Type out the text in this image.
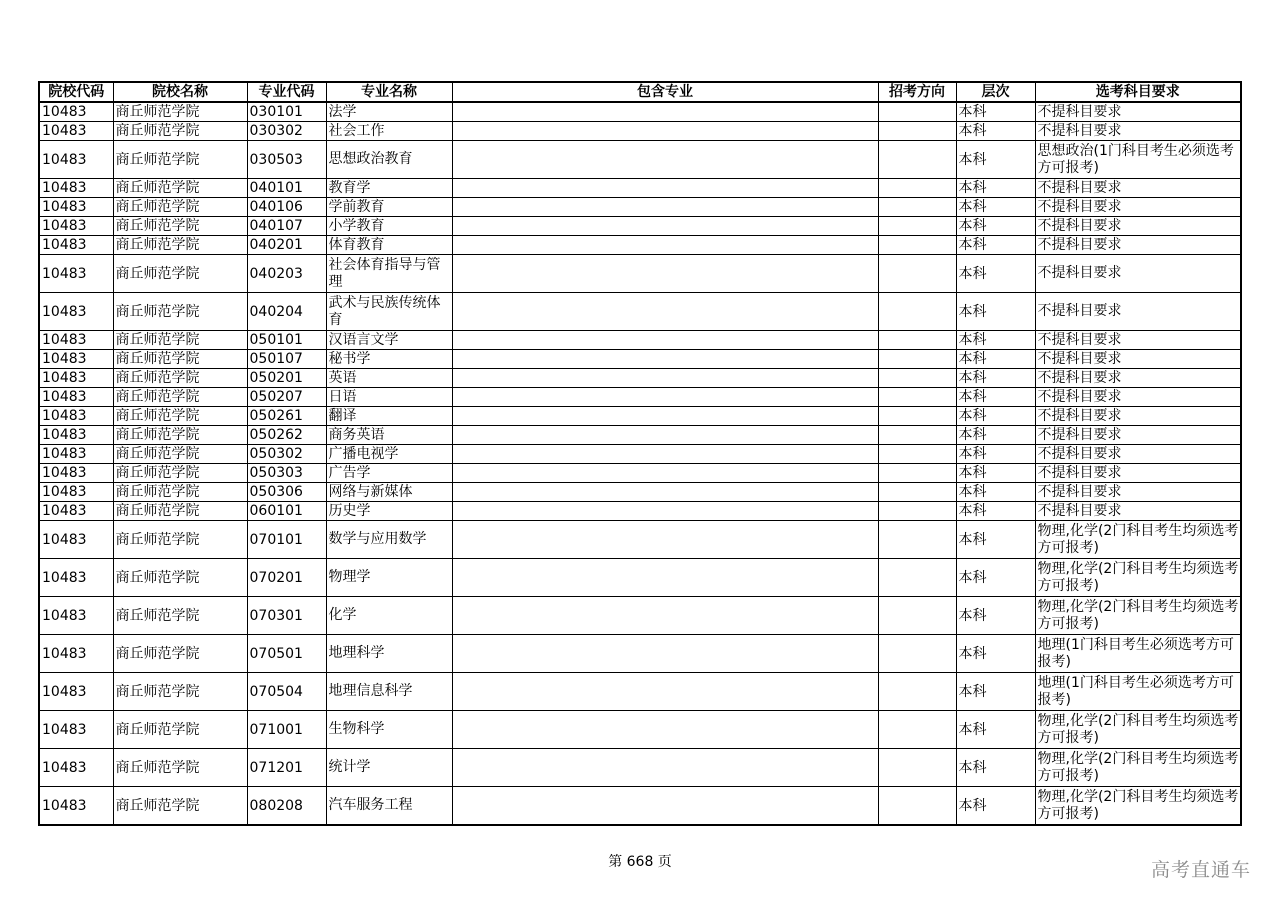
院校代码	院校名称	专业代码	专业名称	包含专业	招考方向	层次	选考科目要求
10483	商丘师范学院	030101	法学			本科	不提科目要求
10483	商丘师范学院	030302	社会工作			本科	不提科目要求
10483	商丘师范学院	030503	思想政治教育			本科	思想政治(1门科目考生必须选考方可报考)
10483	商丘师范学院	040101	教育学			本科	不提科目要求
10483	商丘师范学院	040106	学前教育			本科	不提科目要求
10483	商丘师范学院	040107	小学教育			本科	不提科目要求
10483	商丘师范学院	040201	体育教育			本科	不提科目要求
10483	商丘师范学院	040203	社会体育指导与管理			本科	不提科目要求
10483	商丘师范学院	040204	武术与民族传统体育			本科	不提科目要求
10483	商丘师范学院	050101	汉语言文学			本科	不提科目要求
10483	商丘师范学院	050107	秘书学			本科	不提科目要求
10483	商丘师范学院	050201	英语			本科	不提科目要求
10483	商丘师范学院	050207	日语			本科	不提科目要求
10483	商丘师范学院	050261	翻译			本科	不提科目要求
10483	商丘师范学院	050262	商务英语			本科	不提科目要求
10483	商丘师范学院	050302	广播电视学			本科	不提科目要求
10483	商丘师范学院	050303	广告学			本科	不提科目要求
10483	商丘师范学院	050306	网络与新媒体			本科	不提科目要求
10483	商丘师范学院	060101	历史学			本科	不提科目要求
10483	商丘师范学院	070101	数学与应用数学			本科	物理,化学(2门科目考生均须选考方可报考)
10483	商丘师范学院	070201	物理学			本科	物理,化学(2门科目考生均须选考方可报考)
10483	商丘师范学院	070301	化学			本科	物理,化学(2门科目考生均须选考方可报考)
10483	商丘师范学院	070501	地理科学			本科	地理(1门科目考生必须选考方可报考)
10483	商丘师范学院	070504	地理信息科学			本科	地理(1门科目考生必须选考方可报考)
10483	商丘师范学院	071001	生物科学			本科	物理,化学(2门科目考生均须选考方可报考)
10483	商丘师范学院	071201	统计学			本科	物理,化学(2门科目考生均须选考方可报考)
10483	商丘师范学院	080208	汽车服务工程			本科	物理,化学(2门科目考生均须选考方可报考)
第 668 页	高考直通车
